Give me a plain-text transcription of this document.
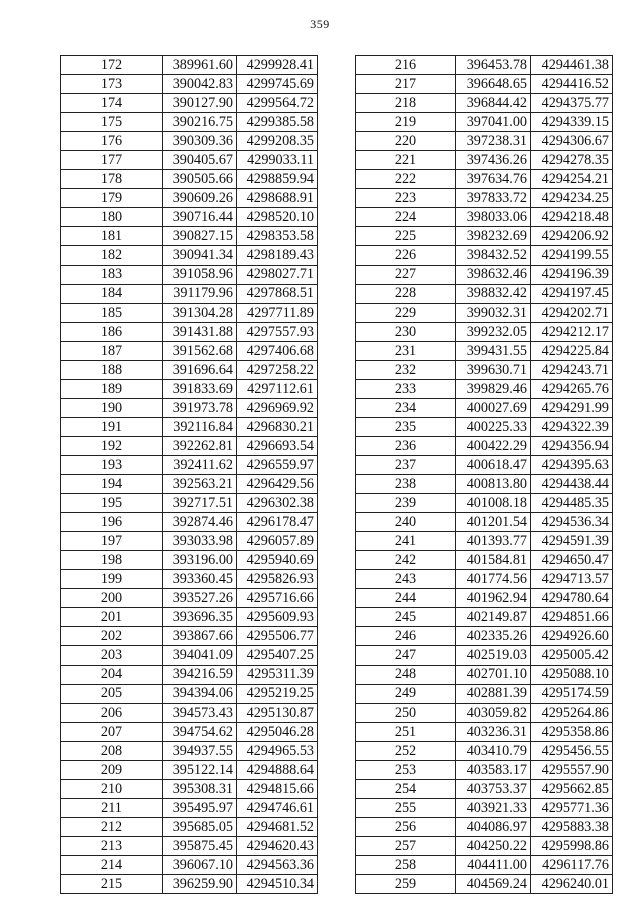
359
172	389961.60	4299928.41
173	390042.83	4299745.69
174	390127.90	4299564.72
175	390216.75	4299385.58
176	390309.36	4299208.35
177	390405.67	4299033.11
178	390505.66	4298859.94
179	390609.26	4298688.91
180	390716.44	4298520.10
181	390827.15	4298353.58
182	390941.34	4298189.43
183	391058.96	4298027.71
184	391179.96	4297868.51
185	391304.28	4297711.89
186	391431.88	4297557.93
187	391562.68	4297406.68
188	391696.64	4297258.22
189	391833.69	4297112.61
190	391973.78	4296969.92
191	392116.84	4296830.21
192	392262.81	4296693.54
193	392411.62	4296559.97
194	392563.21	4296429.56
195	392717.51	4296302.38
196	392874.46	4296178.47
197	393033.98	4296057.89
198	393196.00	4295940.69
199	393360.45	4295826.93
200	393527.26	4295716.66
201	393696.35	4295609.93
202	393867.66	4295506.77
203	394041.09	4295407.25
204	394216.59	4295311.39
205	394394.06	4295219.25
206	394573.43	4295130.87
207	394754.62	4295046.28
208	394937.55	4294965.53
209	395122.14	4294888.64
210	395308.31	4294815.66
211	395495.97	4294746.61
212	395685.05	4294681.52
213	395875.45	4294620.43
214	396067.10	4294563.36
215	396259.90	4294510.34
216	396453.78	4294461.38
217	396648.65	4294416.52
218	396844.42	4294375.77
219	397041.00	4294339.15
220	397238.31	4294306.67
221	397436.26	4294278.35
222	397634.76	4294254.21
223	397833.72	4294234.25
224	398033.06	4294218.48
225	398232.69	4294206.92
226	398432.52	4294199.55
227	398632.46	4294196.39
228	398832.42	4294197.45
229	399032.31	4294202.71
230	399232.05	4294212.17
231	399431.55	4294225.84
232	399630.71	4294243.71
233	399829.46	4294265.76
234	400027.69	4294291.99
235	400225.33	4294322.39
236	400422.29	4294356.94
237	400618.47	4294395.63
238	400813.80	4294438.44
239	401008.18	4294485.35
240	401201.54	4294536.34
241	401393.77	4294591.39
242	401584.81	4294650.47
243	401774.56	4294713.57
244	401962.94	4294780.64
245	402149.87	4294851.66
246	402335.26	4294926.60
247	402519.03	4295005.42
248	402701.10	4295088.10
249	402881.39	4295174.59
250	403059.82	4295264.86
251	403236.31	4295358.86
252	403410.79	4295456.55
253	403583.17	4295557.90
254	403753.37	4295662.85
255	403921.33	4295771.36
256	404086.97	4295883.38
257	404250.22	4295998.86
258	404411.00	4296117.76
259	404569.24	4296240.01
